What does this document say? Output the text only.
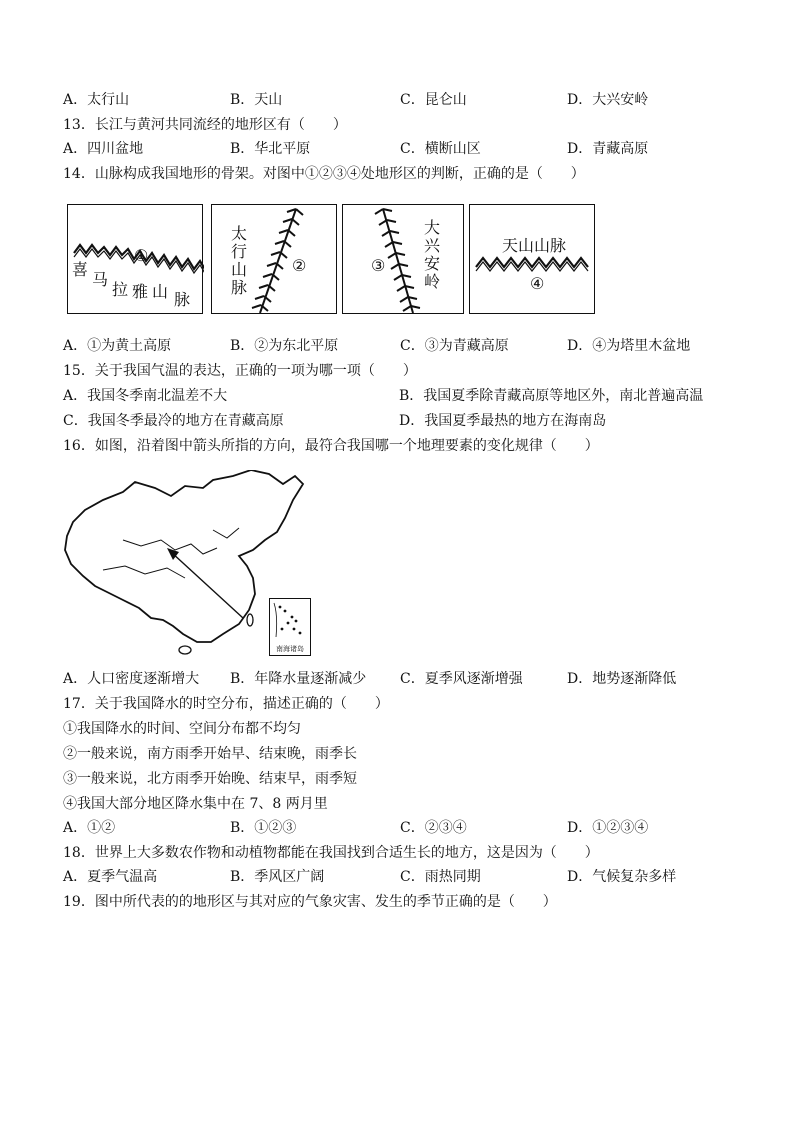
A．太行山	B．天山	C．昆仑山	D．大兴安岭
13．长江与黄河共同流经的地形区有（　　）
A．四川盆地	B．华北平原	C．横断山区	D．青藏高原
14．山脉构成我国地形的骨架。对图中①②③④处地形区的判断，正确的是（　　）
①
喜
马
拉 雅 山 脉
太
行
山
脉
②	③
大
兴
安
岭
天山山脉
④
A．①为黄土高原	B．②为东北平原	C．③为青藏高原	D．④为塔里木盆地
15．关于我国气温的表达，正确的一项为哪一项（　　）
A．我国冬季南北温差不大	B．我国夏季除青藏高原等地区外，南北普遍高温
C．我国冬季最冷的地方在青藏高原	D．我国夏季最热的地方在海南岛
16．如图，沿着图中箭头所指的方向，最符合我国哪一个地理要素的变化规律（　　）
南海诸岛
A．人口密度逐渐增大 B．年降水量逐渐减少 C．夏季风逐渐增强	D．地势逐渐降低
17．关于我国降水的时空分布，描述正确的（　　）
①我国降水的时间、空间分布都不均匀
②一般来说，南方雨季开始早、结束晚，雨季长
③一般来说，北方雨季开始晚、结束早，雨季短
④我国大部分地区降水集中在 7、8 两月里
A．①②	B．①②③	C．②③④	D．①②③④
18．世界上大多数农作物和动植物都能在我国找到合适生长的地方，这是因为（　　）
A．夏季气温高	B．季风区广阔	C．雨热同期	D．气候复杂多样
19．图中所代表的的地形区与其对应的气象灾害、发生的季节正确的是（　　）
